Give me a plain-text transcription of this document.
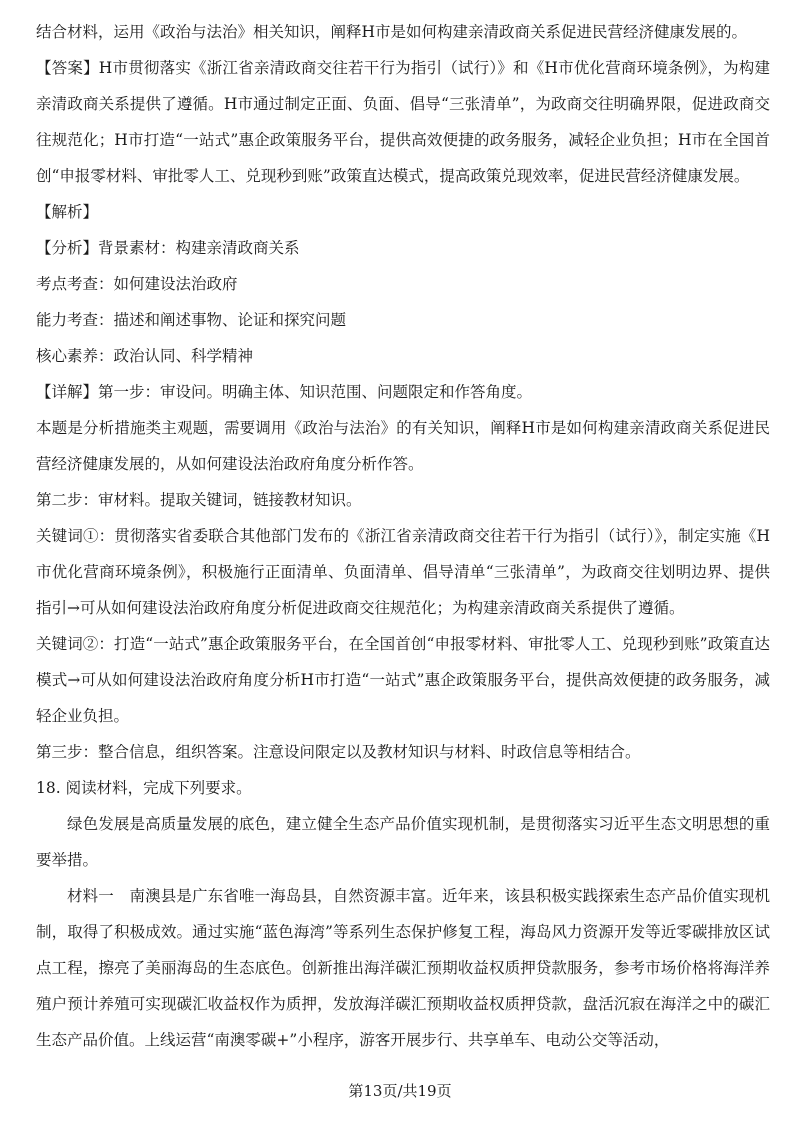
结合材料，运用《政治与法治》相关知识，阐释H市是如何构建亲清政商关系促进民营经济健康发展的。

【答案】H市贯彻落实《浙江省亲清政商交往若干行为指引（试行）》和《H市优化营商环境条例》，为构建亲清政商关系提供了遵循。H市通过制定正面、负面、倡导“三张清单”，为政商交往明确界限，促进政商交往规范化；H市打造“一站式”惠企政策服务平台，提供高效便捷的政务服务，减轻企业负担；H市在全国首创“申报零材料、审批零人工、兑现秒到账”政策直达模式，提高政策兑现效率，促进民营经济健康发展。

【解析】

【分析】背景素材：构建亲清政商关系

考点考查：如何建设法治政府

能力考查：描述和阐述事物、论证和探究问题

核心素养：政治认同、科学精神

【详解】第一步：审设问。明确主体、知识范围、问题限定和作答角度。

本题是分析措施类主观题，需要调用《政治与法治》的有关知识，阐释H市是如何构建亲清政商关系促进民营经济健康发展的，从如何建设法治政府角度分析作答。

第二步：审材料。提取关键词，链接教材知识。

关键词①：贯彻落实省委联合其他部门发布的《浙江省亲清政商交往若干行为指引（试行）》，制定实施《H市优化营商环境条例》，积极施行正面清单、负面清单、倡导清单“三张清单”，为政商交往划明边界、提供指引→可从如何建设法治政府角度分析促进政商交往规范化；为构建亲清政商关系提供了遵循。

关键词②：打造“一站式”惠企政策服务平台，在全国首创“申报零材料、审批零人工、兑现秒到账”政策直达模式→可从如何建设法治政府角度分析H市打造“一站式”惠企政策服务平台，提供高效便捷的政务服务，减轻企业负担。

第三步：整合信息，组织答案。注意设问限定以及教材知识与材料、时政信息等相结合。

18. 阅读材料，完成下列要求。

绿色发展是高质量发展的底色，建立健全生态产品价值实现机制，是贯彻落实习近平生态文明思想的重要举措。

材料一　南澳县是广东省唯一海岛县，自然资源丰富。近年来，该县积极实践探索生态产品价值实现机制，取得了积极成效。通过实施“蓝色海湾”等系列生态保护修复工程，海岛风力资源开发等近零碳排放区试点工程，擦亮了美丽海岛的生态底色。创新推出海洋碳汇预期收益权质押贷款服务，参考市场价格将海洋养殖户预计养殖可实现碳汇收益权作为质押，发放海洋碳汇预期收益权质押贷款，盘活沉寂在海洋之中的碳汇生态产品价值。上线运营“南澳零碳+”小程序，游客开展步行、共享单车、电动公交等活动，

第13页/共19页
